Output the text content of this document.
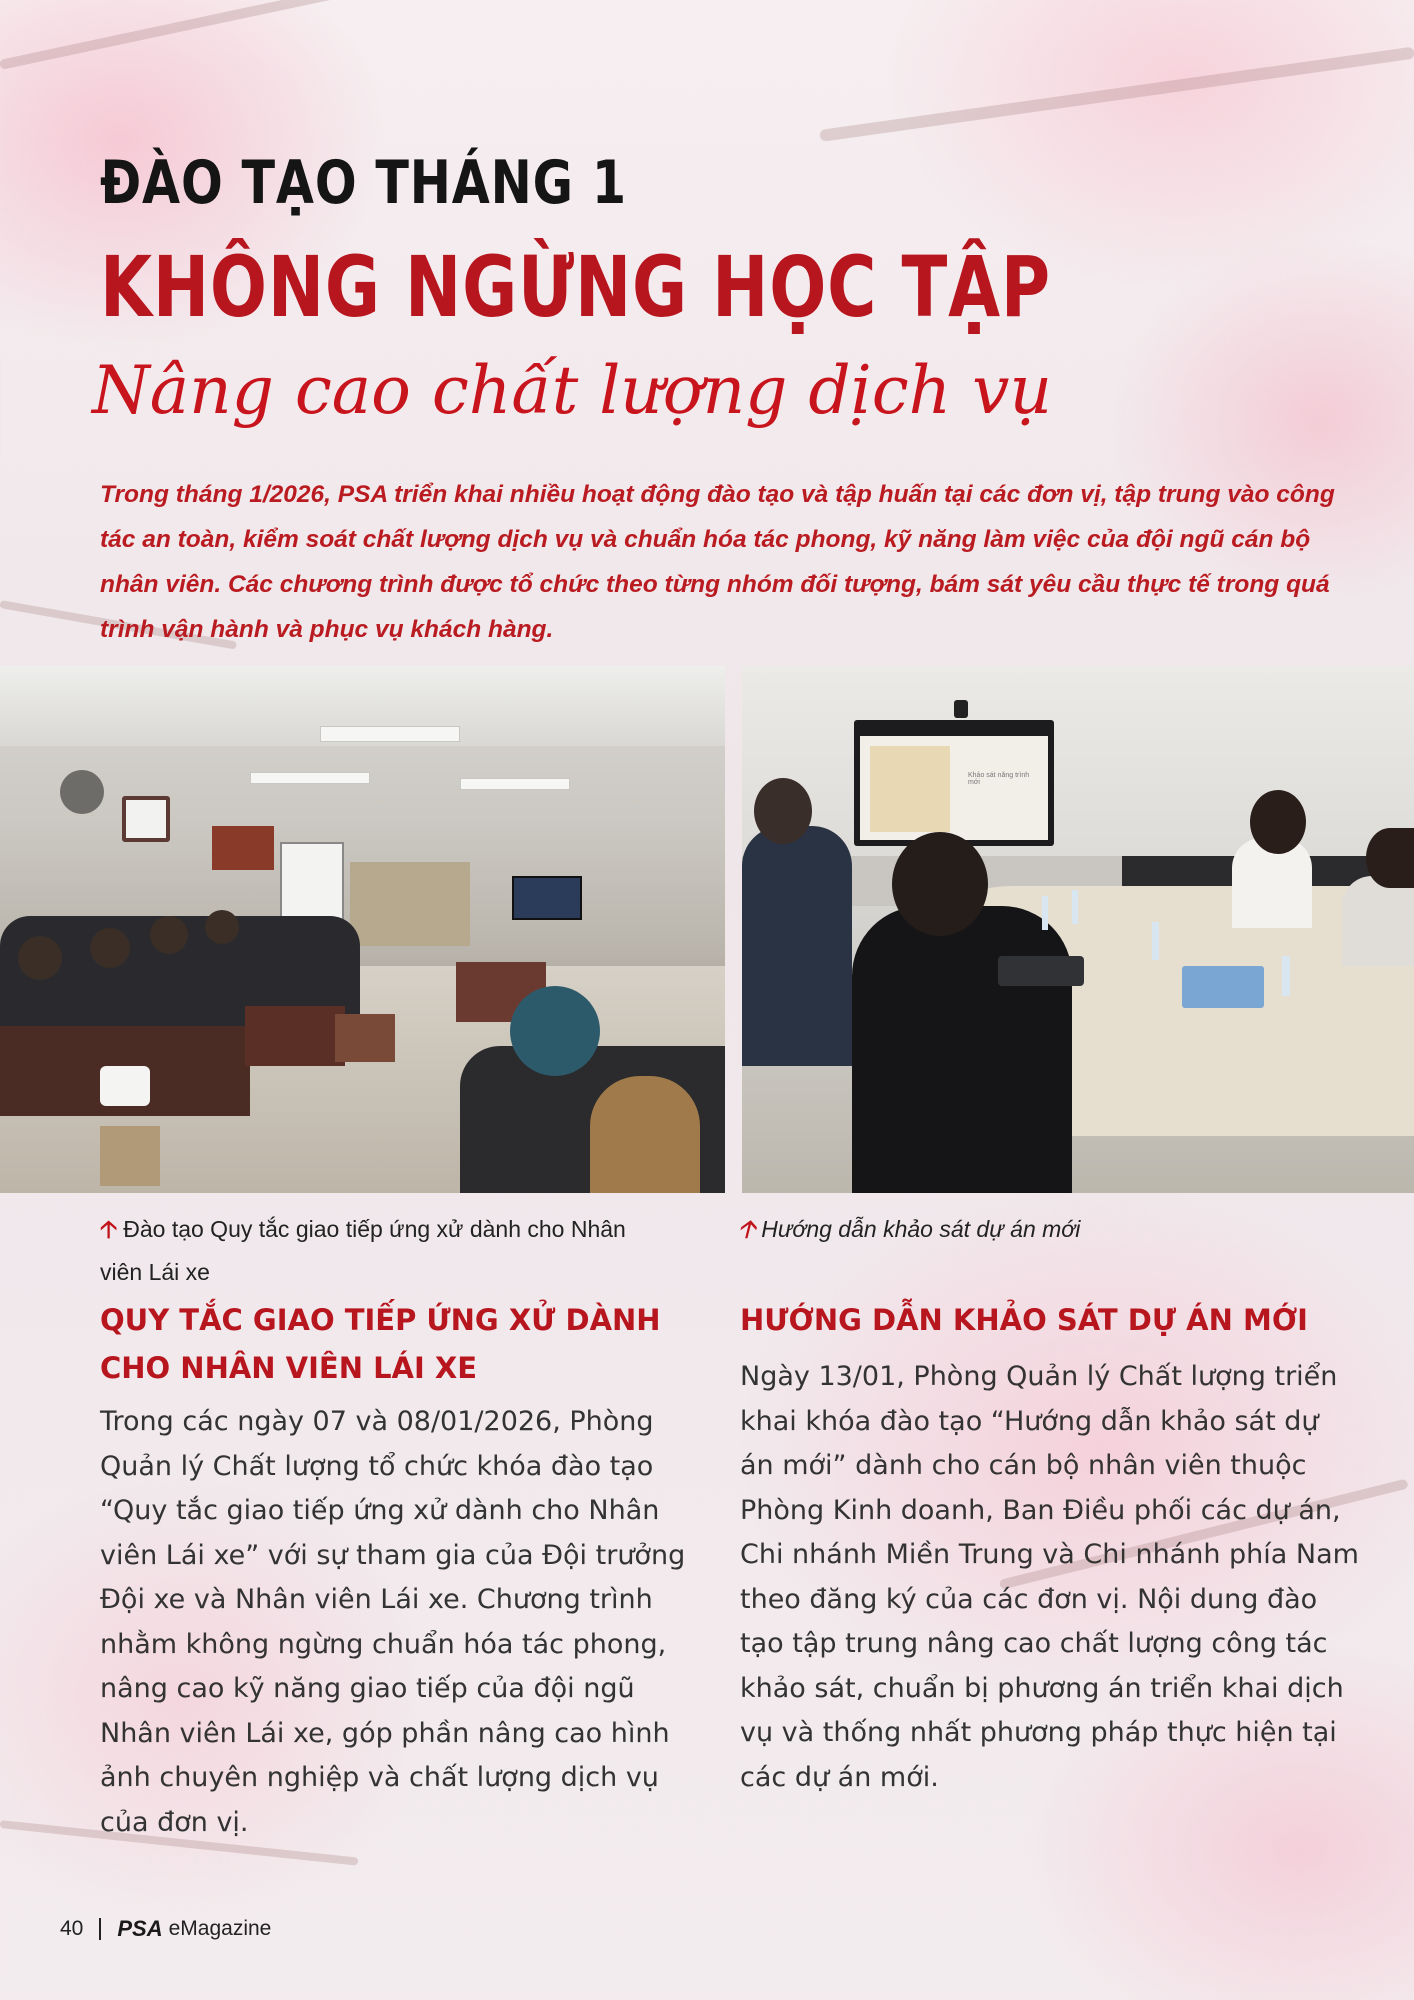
ĐÀO TẠO THÁNG 1
KHÔNG NGỪNG HỌC TẬP
Nâng cao chất lượng dịch vụ
Trong tháng 1/2026, PSA triển khai nhiều hoạt động đào tạo và tập huấn tại các đơn vị, tập trung vào công tác an toàn, kiểm soát chất lượng dịch vụ và chuẩn hóa tác phong, kỹ năng làm việc của đội ngũ cán bộ nhân viên. Các chương trình được tổ chức theo từng nhóm đối tượng, bám sát yêu cầu thực tế trong quá trình vận hành và phục vụ khách hàng.
Khảo sát năng trình mới
🡡 Đào tạo Quy tắc giao tiếp ứng xử dành cho Nhân viên Lái xe
🡡 Hướng dẫn khảo sát dự án mới
QUY TẮC GIAO TIẾP ỨNG XỬ DÀNH CHO NHÂN VIÊN LÁI XE
Trong các ngày 07 và 08/01/2026, Phòng Quản lý Chất lượng tổ chức khóa đào tạo “Quy tắc giao tiếp ứng xử dành cho Nhân viên Lái xe” với sự tham gia của Đội trưởng Đội xe và Nhân viên Lái xe. Chương trình nhằm không ngừng chuẩn hóa tác phong, nâng cao kỹ năng giao tiếp của đội ngũ Nhân viên Lái xe, góp phần nâng cao hình ảnh chuyên nghiệp và chất lượng dịch vụ của đơn vị.
HƯỚNG DẪN KHẢO SÁT DỰ ÁN MỚI
Ngày 13/01, Phòng Quản lý Chất lượng triển khai khóa đào tạo “Hướng dẫn khảo sát dự án mới” dành cho cán bộ nhân viên thuộc Phòng Kinh doanh, Ban Điều phối các dự án, Chi nhánh Miền Trung và Chi nhánh phía Nam theo đăng ký của các đơn vị. Nội dung đào tạo tập trung nâng cao chất lượng công tác khảo sát, chuẩn bị phương án triển khai dịch vụ và thống nhất phương pháp thực hiện tại các dự án mới.
40 PSA eMagazine
